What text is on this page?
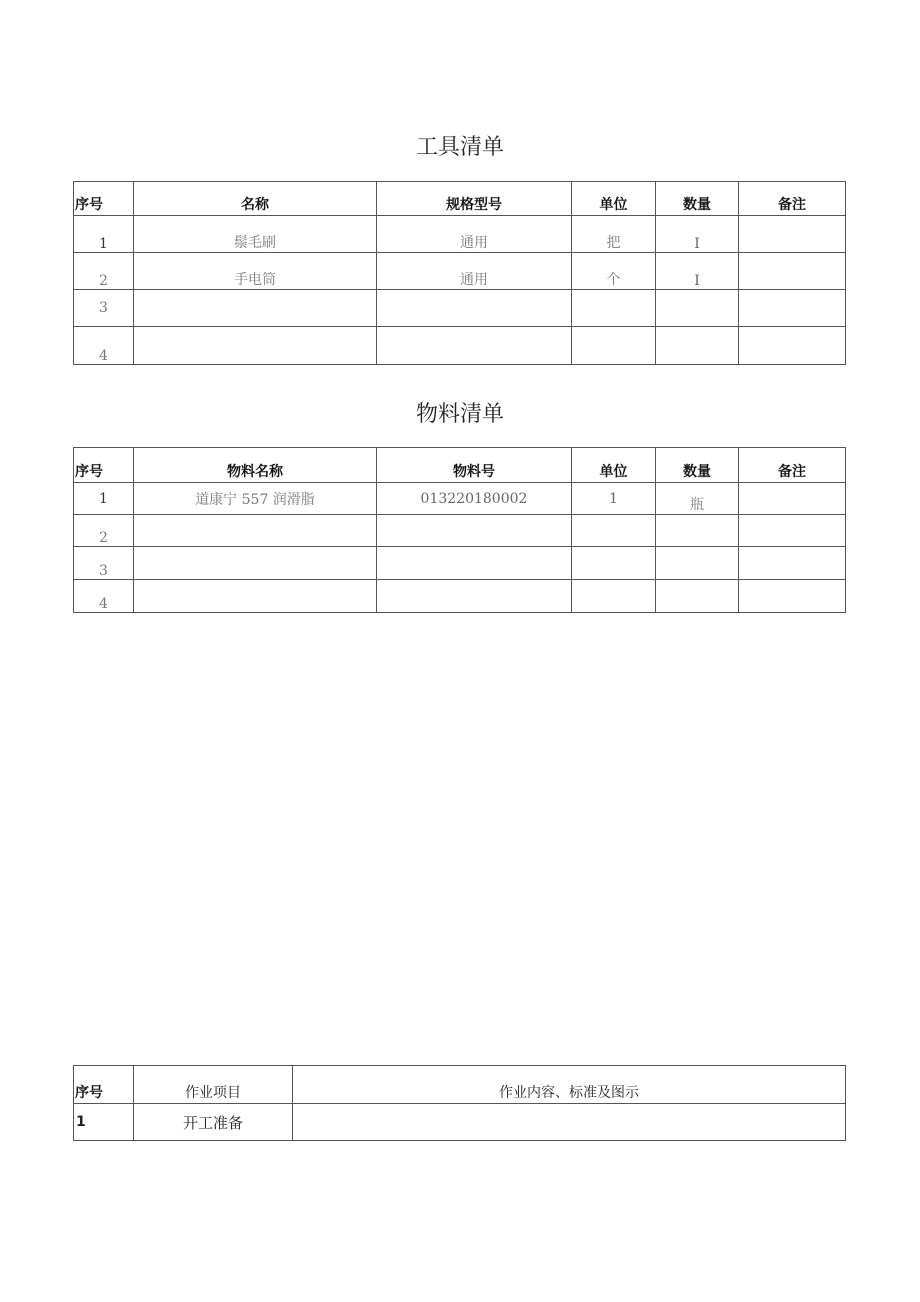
工具清单
序号	名称	规格型号	单位	数量	备注
1	鬃毛刷	通用	把	I	
2	手电筒	通用	个	I	
3					
4					
物料清单
序号	物料名称	物料号	单位	数量	备注
1	道康宁 557 润滑脂	013220180002	1	瓶	
2					
3					
4					
序号	作业项目	作业内容、标准及图示
1	开工准备	
